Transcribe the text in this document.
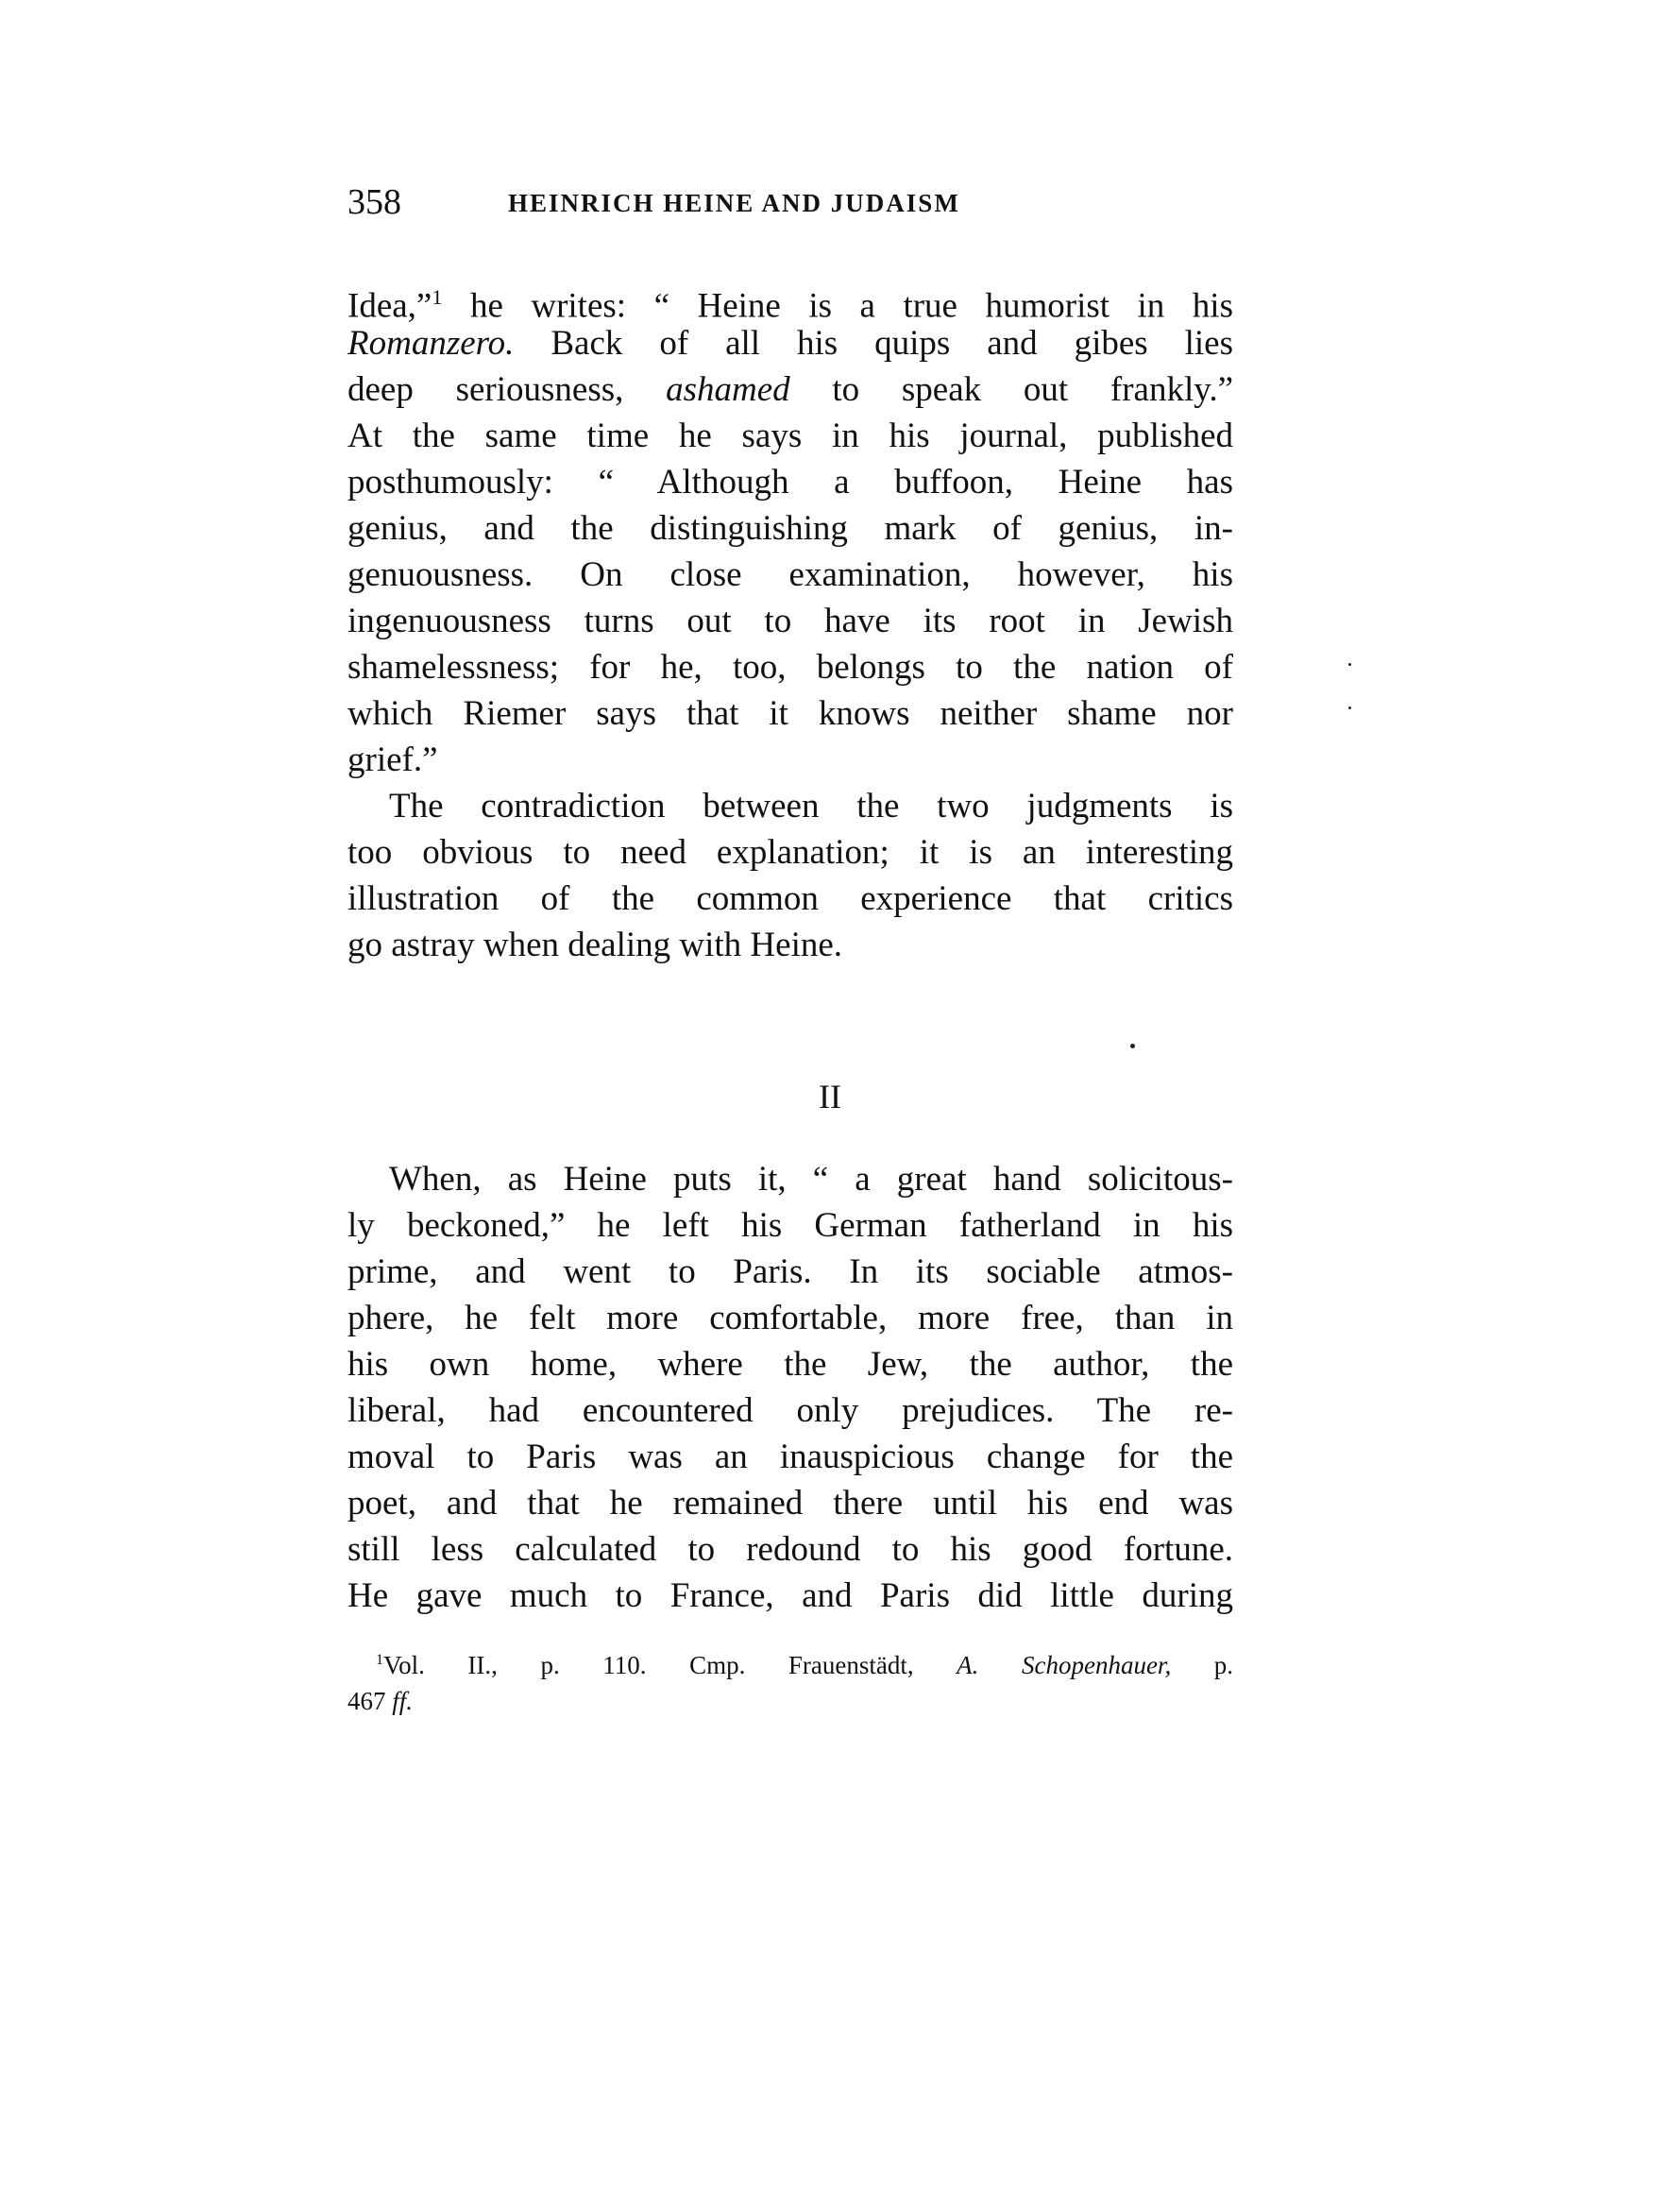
358	HEINRICH HEINE AND JUDAISM
Idea,”$^1$ he writes: “ Heine is a true humorist in his
Romanzero. Back of all his quips and gibes lies
deep seriousness, ashamed to speak out frankly.”
At the same time he says in his journal, published
posthumously: “ Although a buffoon, Heine has
genius, and the distinguishing mark of genius, in-
genuousness. On close examination, however, his
ingenuousness turns out to have its root in Jewish
shamelessness; for he, too, belongs to the nation of
which Riemer says that it knows neither shame nor
grief.”
The contradiction between the two judgments is
too obvious to need explanation; it is an interesting
illustration of the common experience that critics
go astray when dealing with Heine.
II
When, as Heine puts it, “ a great hand solicitous-
ly beckoned,” he left his German fatherland in his
prime, and went to Paris. In its sociable atmos-
phere, he felt more comfortable, more free, than in
his own home, where the Jew, the author, the
liberal, had encountered only prejudices. The re-
moval to Paris was an inauspicious change for the
poet, and that he remained there until his end was
still less calculated to redound to his good fortune.
He gave much to France, and Paris did little during
$^1$Vol. II., p. 110. Cmp. Frauenstädt, A. Schopenhauer, p.
467 ff.
